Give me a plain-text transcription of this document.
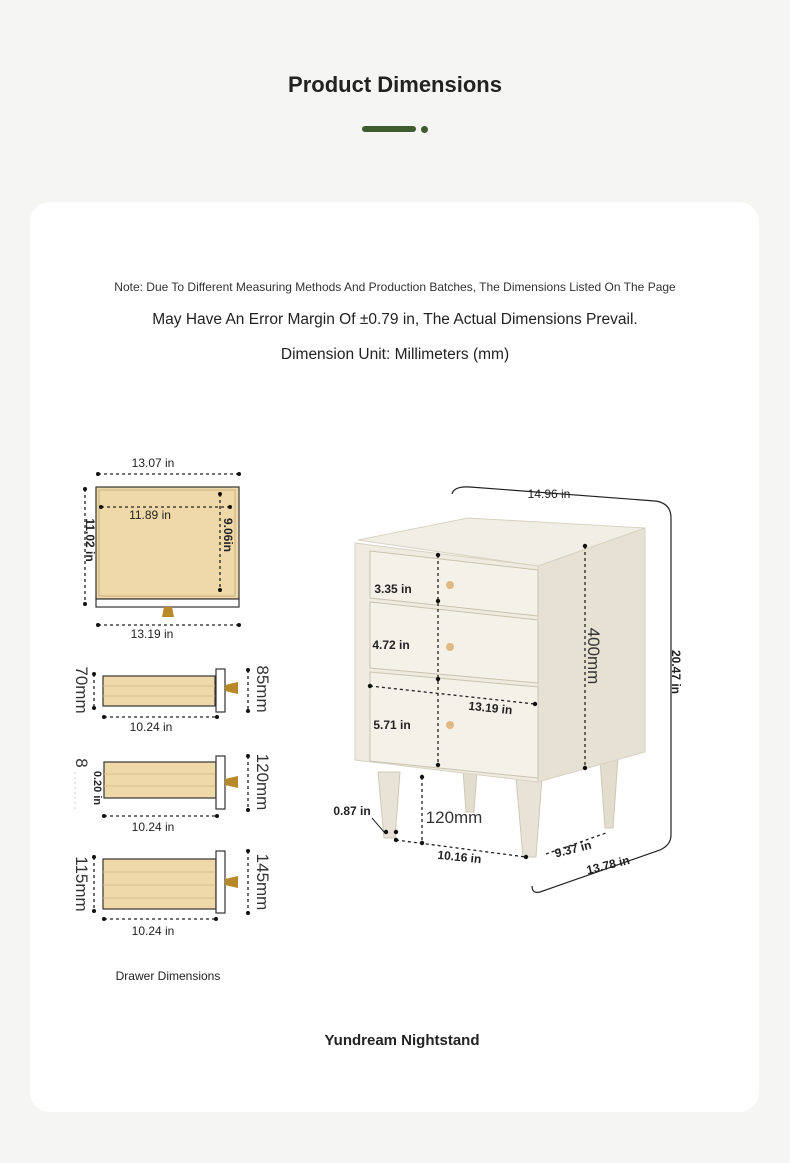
Product Dimensions
Note: Due To Different Measuring Methods And Production Batches, The Dimensions Listed On The Page
May Have An Error Margin Of ±0.79 in, The Actual Dimensions Prevail.
Dimension Unit: Millimeters (mm)
13.07 in
11.89 in
9.06in
11.02 in
13.19 in
70mm	85mm
10.24 in
8
0.20 in	120mm
10.24 in
115mm	145mm
10.24 in
Drawer Dimensions
14.96 in
20.47 in
400mm
3.35 in
4.72 in
5.71 in
13.19 in
120mm
0.87 in
10.16 in	9.37 in
13.78 in
Yundream Nightstand
